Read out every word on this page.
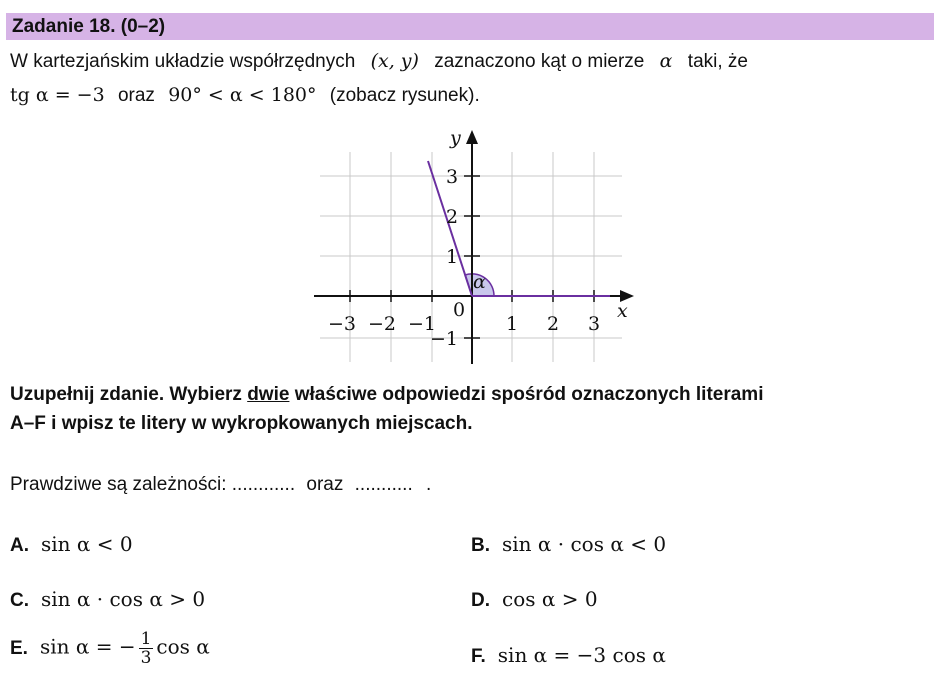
Zadanie 18. (0–2)
W kartezjańskim układzie współrzędnych (x, y) zaznaczono kąt o mierze α taki, że
tg α = −3 oraz 90° < α < 180° (zobacz rysunek).
x
y
0
α
−3 −2 −1	1 2 3
3
2
1
−1
Uzupełnij zdanie. Wybierz dwie właściwe odpowiedzi spośród oznaczonych literami
A–F i wpisz te litery w wykropkowanych miejscach.
Prawdziwe są zależności: ............ oraz ........... .
A. sin α < 0	B. sin α · cos α < 0
C. sin α · cos α > 0	D. cos α > 0
E. sin α = − $\frac{1}{3}$ cos α	F. sin α = −3 cos α
